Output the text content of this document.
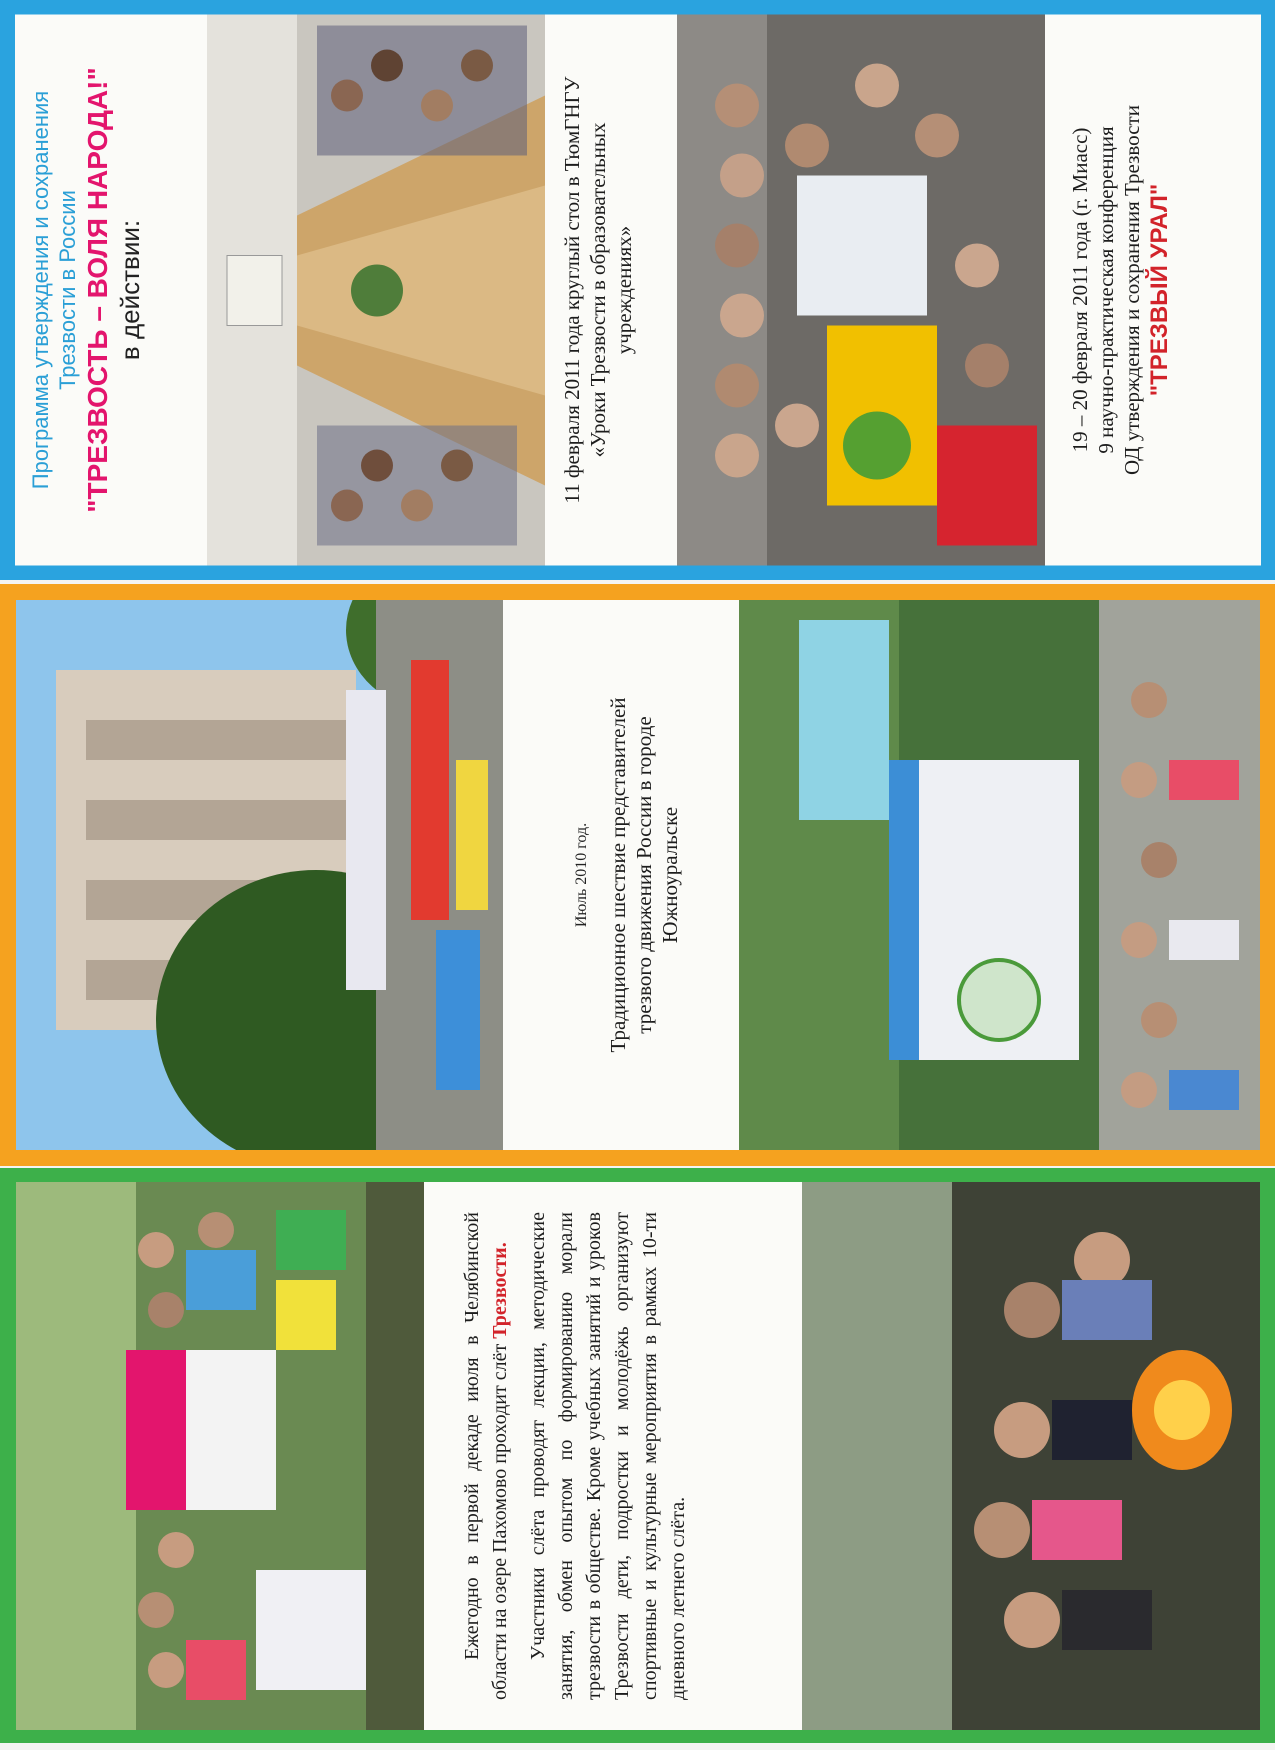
Программа утверждения и сохранения Трезвости в России "ТРЕЗВОСТЬ – ВОЛЯ НАРОДА!" в действии:	11 февраля 2011 года круглый стол в ТюмГНГУ «Уроки Трезвости в образовательных учреждениях»	19 – 20 февраля 2011 года (г. Миасс) 9 научно-практическая конференция ОД утверждения и сохранения Трезвости "ТРЕЗВЫЙ УРАЛ"

Июль 2010 год. Традиционное шествие представителей трезвого движения России в городе Южноуральске

Ежегодно в первой декаде июля в Челябинской области на озере Пахомово проходит слёт Трезвости. Участники слёта проводят лекции, методические занятия, обмен опытом по формированию морали трезвости в обществе. Кроме учебных занятий и уроков Трезвости дети, подростки и молодёжь организуют спортивные и культурные мероприятия в рамках 10-ти дневного летнего слёта.
